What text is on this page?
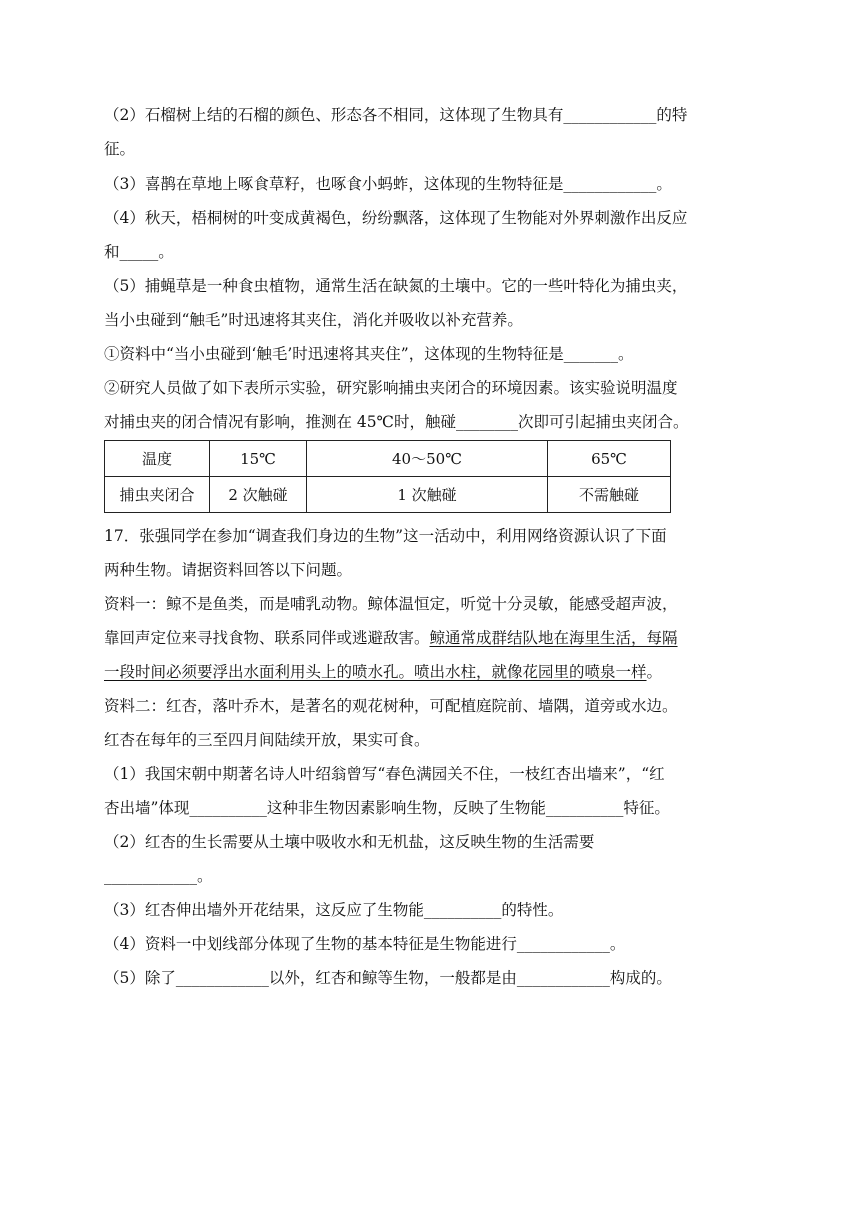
（2）石榴树上结的石榴的颜色、形态各不相同，这体现了生物具有____________的特
征。
（3）喜鹊在草地上啄食草籽，也啄食小蚂蚱，这体现的生物特征是____________。
（4）秋天，梧桐树的叶变成黄褐色，纷纷飘落，这体现了生物能对外界刺激作出反应
和_____。
（5）捕蝇草是一种食虫植物，通常生活在缺氮的土壤中。它的一些叶特化为捕虫夹，
当小虫碰到“触毛”时迅速将其夹住，消化并吸收以补充营养。
①资料中“当小虫碰到‘触毛’时迅速将其夹住”，这体现的生物特征是_______。
②研究人员做了如下表所示实验，研究影响捕虫夹闭合的环境因素。该实验说明温度
对捕虫夹的闭合情况有影响，推测在 45℃时，触碰________次即可引起捕虫夹闭合。
温度	15℃	40～50℃	65℃
捕虫夹闭合	2 次触碰	1 次触碰	不需触碰
17．张强同学在参加“调查我们身边的生物”这一活动中，利用网络资源认识了下面
两种生物。请据资料回答以下问题。
资料一：鲸不是鱼类，而是哺乳动物。鲸体温恒定，听觉十分灵敏，能感受超声波，
靠回声定位来寻找食物、联系同伴或逃避敌害。鲸通常成群结队地在海里生活，每隔
一段时间必须要浮出水面利用头上的喷水孔。喷出水柱，就像花园里的喷泉一样。
资料二：红杏，落叶乔木，是著名的观花树种，可配植庭院前、墙隅，道旁或水边。
红杏在每年的三至四月间陆续开放，果实可食。
（1）我国宋朝中期著名诗人叶绍翁曾写“春色满园关不住，一枝红杏出墙来”，“红
杏出墙”体现__________这种非生物因素影响生物，反映了生物能__________特征。
（2）红杏的生长需要从土壤中吸收水和无机盐，这反映生物的生活需要
____________。
（3）红杏伸出墙外开花结果，这反应了生物能__________的特性。
（4）资料一中划线部分体现了生物的基本特征是生物能进行____________。
（5）除了____________以外，红杏和鲸等生物，一般都是由____________构成的。
